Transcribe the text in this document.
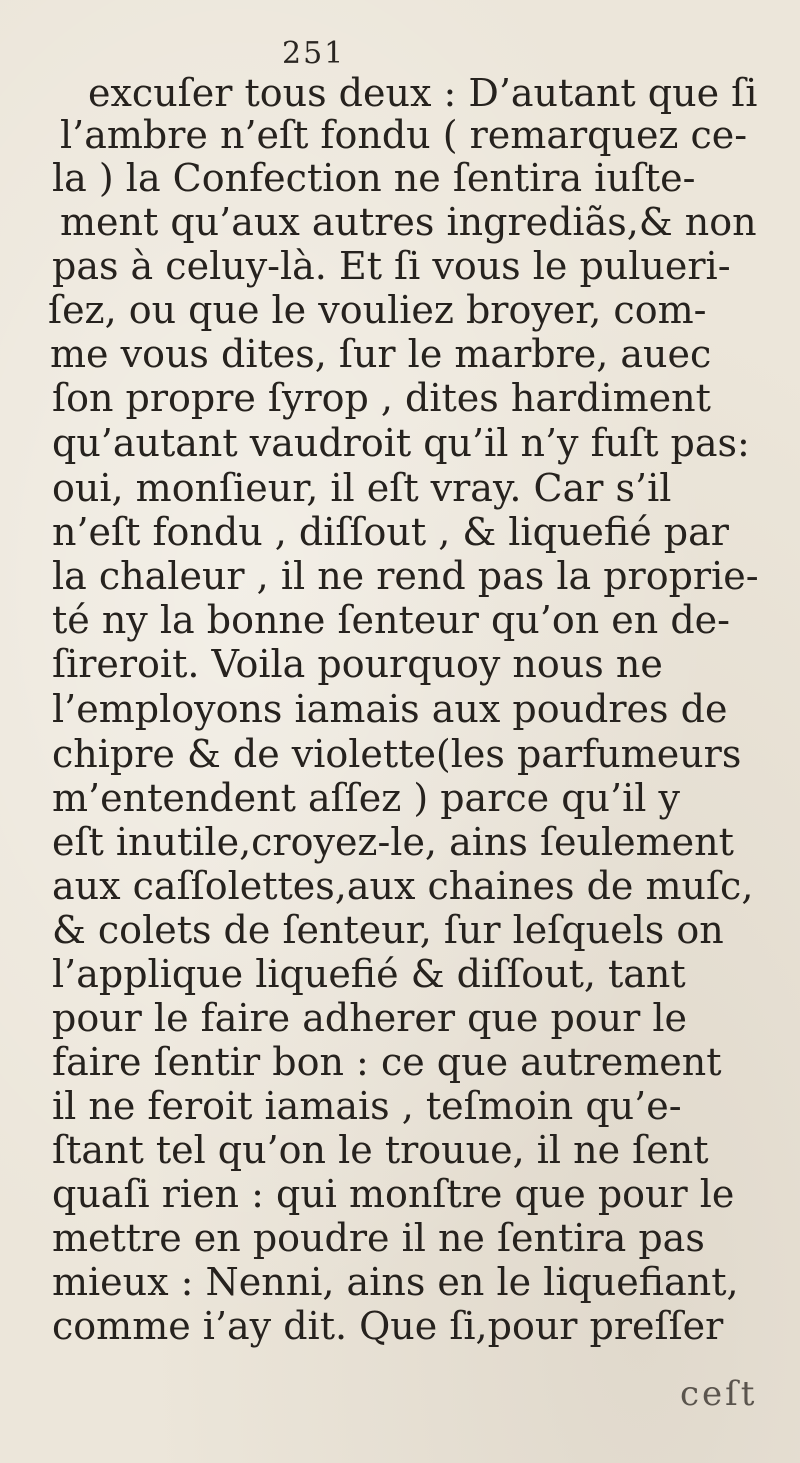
251
excuſer tous deux : D’autant que ſi
l’ambre n’eſt fondu ( remarquez ce-
la ) la Confection ne ſentira iuſte-
ment qu’aux autres ingrediãs,& non
pas à celuy-là. Et ſi vous le pulueri-
ſez, ou que le vouliez broyer, com-
me vous dites, ſur le marbre, auec
ſon propre ſyrop , dites hardiment
qu’autant vaudroit qu’il n’y fuſt pas:
oui, monſieur, il eſt vray. Car s’il
n’eſt fondu , diſſout , & liquefié par
la chaleur , il ne rend pas la proprie-
té ny la bonne ſenteur qu’on en de-
ſireroit. Voila pourquoy nous ne
l’employons iamais aux poudres de
chipre & de violette(les parfumeurs
m’entendent aſſez ) parce qu’il y
eſt inutile,croyez-le, ains ſeulement
aux caſſolettes,aux chaines de muſc,
& colets de ſenteur, ſur leſquels on
l’applique liquefié & diſſout, tant
pour le faire adherer que pour le
faire ſentir bon : ce que autrement
il ne feroit iamais , teſmoin qu’e-
ſtant tel qu’on le trouue, il ne ſent
quaſi rien : qui monſtre que pour le
mettre en poudre il ne ſentira pas
mieux : Nenni, ains en le liquefiant,
comme i’ay dit. Que ſi,pour preſſer
ceſt
